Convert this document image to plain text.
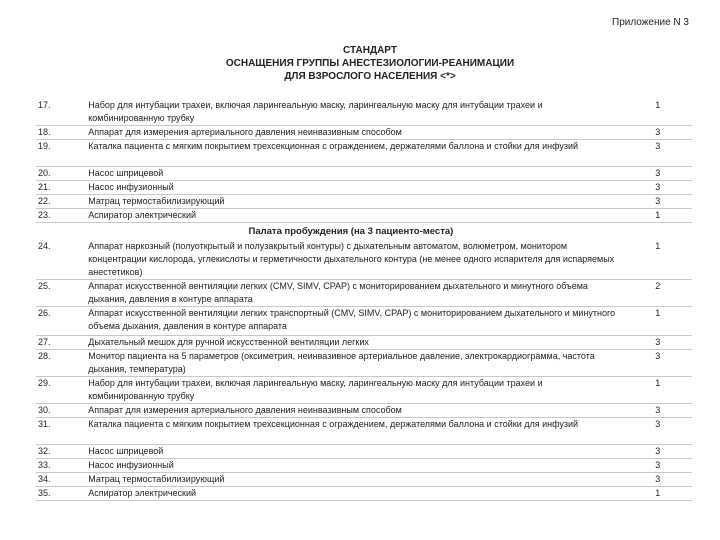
Приложение N 3
СТАНДАРТ
ОСНАЩЕНИЯ ГРУППЫ АНЕСТЕЗИОЛОГИИ-РЕАНИМАЦИИ
ДЛЯ ВЗРОСЛОГО НАСЕЛЕНИЯ <*>
17.	Набор для интубации трахеи, включая ларингеальную маску, ларингеальную маску для интубации трахеи и комбинированную трубку	1
18.	Аппарат для измерения артериального давления неинвазивным способом	3
19.	Каталка пациента с мягким покрытием трехсекционная с ограждением, держателями баллона и стойки для инфузий	3
20.	Насос шприцевой	3
21.	Насос инфузионный	3
22.	Матрац термостабилизирующий	3
23.	Аспиратор электрический	1
	Палата пробуждения (на 3 пациенто-места)	
24.	Аппарат наркозный (полуоткрытый и полузакрытый контуры) с дыхательным автоматом, волюметром, монитором концентрации кислорода, углекислоты и герметичности дыхательного контура (не менее одного испарителя для испаряемых анестетиков)	1
25.	Аппарат искусственной вентиляции легких (CMV, SIMV, CPAP) с мониторированием дыхательного и минутного объема дыхания, давления в контуре аппарата	2
26.	Аппарат искусственной вентиляции легких транспортный (CMV, SIMV, CPAP) с мониторированием дыхательного и минутного объема дыхания, давления в контуре аппарата	1
27.	Дыхательный мешок для ручной искусственной вентиляции легких	3
28.	Монитор пациента на 5 параметров (оксиметрия, неинвазивное артериальное давление, электрокардиограмма, частота дыхания, температура)	3
29.	Набор для интубации трахеи, включая ларингеальную маску, ларингеальную маску для интубации трахеи и комбинированную трубку	1
30.	Аппарат для измерения артериального давления неинвазивным способом	3
31.	Каталка пациента с мягким покрытием трехсекционная с ограждением, держателями баллона и стойки для инфузий	3
32.	Насос шприцевой	3
33.	Насос инфузионный	3
34.	Матрац термостабилизирующий	3
35.	Аспиратор электрический	1
